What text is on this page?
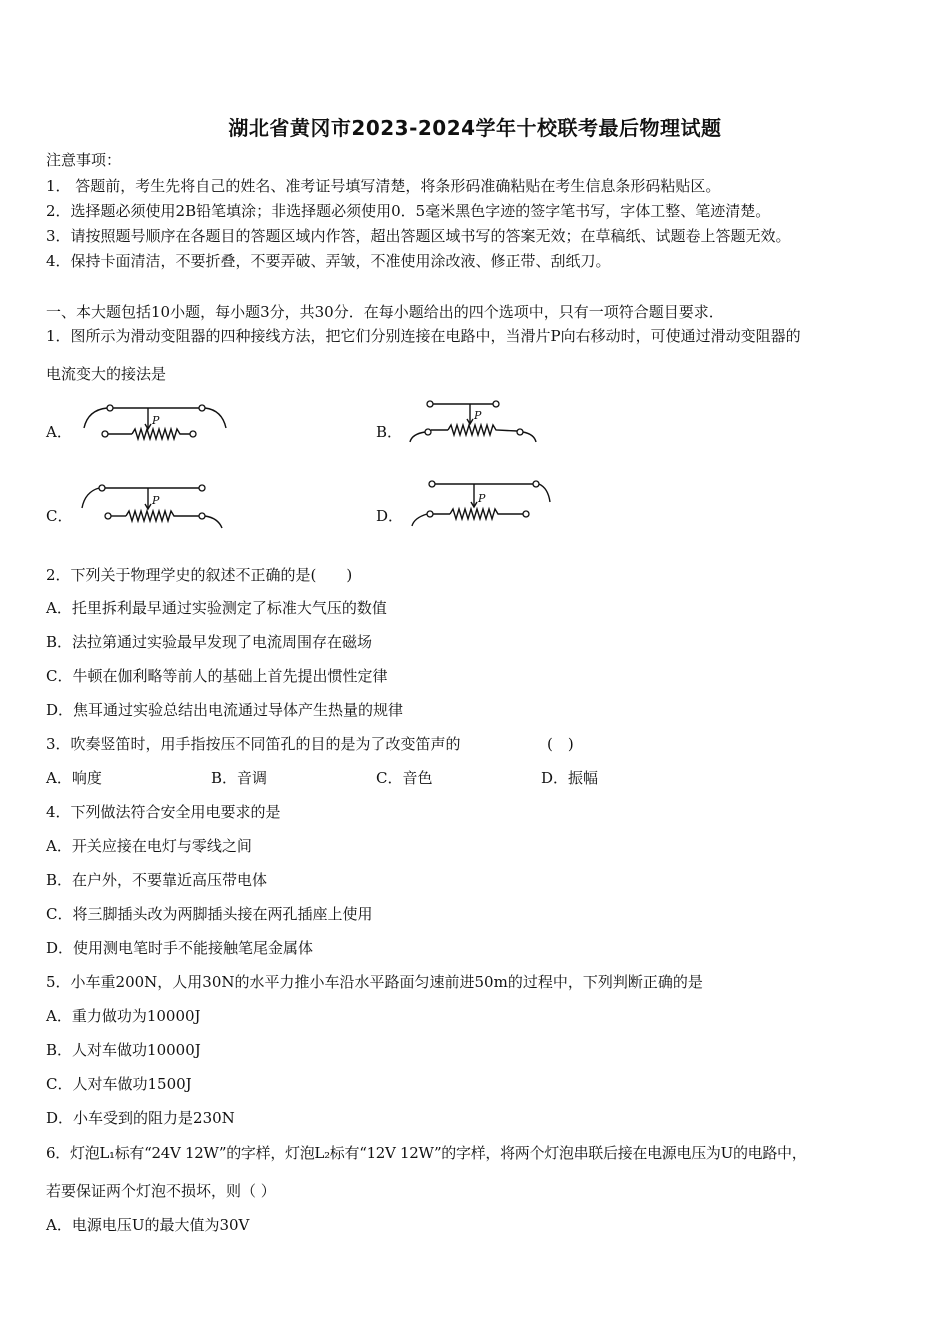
湖北省黄冈市2023-2024学年十校联考最后物理试题
注意事项：
1． 答题前，考生先将自己的姓名、准考证号填写清楚，将条形码准确粘贴在考生信息条形码粘贴区。
2．选择题必须使用2B铅笔填涂；非选择题必须使用0．5毫米黑色字迹的签字笔书写，字体工整、笔迹清楚。
3．请按照题号顺序在各题目的答题区域内作答，超出答题区域书写的答案无效；在草稿纸、试题卷上答题无效。
4．保持卡面清洁，不要折叠，不要弄破、弄皱，不准使用涂改液、修正带、刮纸刀。
一、本大题包括10小题，每小题3分，共30分．在每小题给出的四个选项中，只有一项符合题目要求．
1．图所示为滑动变阻器的四种接线方法，把它们分别连接在电路中，当滑片P向右移动时，可使通过滑动变阻器的
电流变大的接法是
A．
P
B．
P
C．
P
D．
P
2．下列关于物理学史的叙述不正确的是(　　)
A．托里拆利最早通过实验测定了标准大气压的数值
B．法拉第通过实验最早发现了电流周围存在磁场
C．牛顿在伽利略等前人的基础上首先提出惯性定律
D．焦耳通过实验总结出电流通过导体产生热量的规律
3．吹奏竖笛时，用手指按压不同笛孔的目的是为了改变笛声的	(　)
A．响度	B．音调	C．音色	D．振幅
4．下列做法符合安全用电要求的是
A．开关应接在电灯与零线之间
B．在户外，不要靠近高压带电体
C．将三脚插头改为两脚插头接在两孔插座上使用
D．使用测电笔时手不能接触笔尾金属体
5．小车重200N，人用30N的水平力推小车沿水平路面匀速前进50m的过程中，下列判断正确的是
A．重力做功为10000J
B．人对车做功10000J
C．人对车做功1500J
D．小车受到的阻力是230N
6．灯泡L₁标有“24V 12W”的字样，灯泡L₂标有“12V 12W”的字样，将两个灯泡串联后接在电源电压为U的电路中，
若要保证两个灯泡不损坏，则（ ）
A．电源电压U的最大值为30V
